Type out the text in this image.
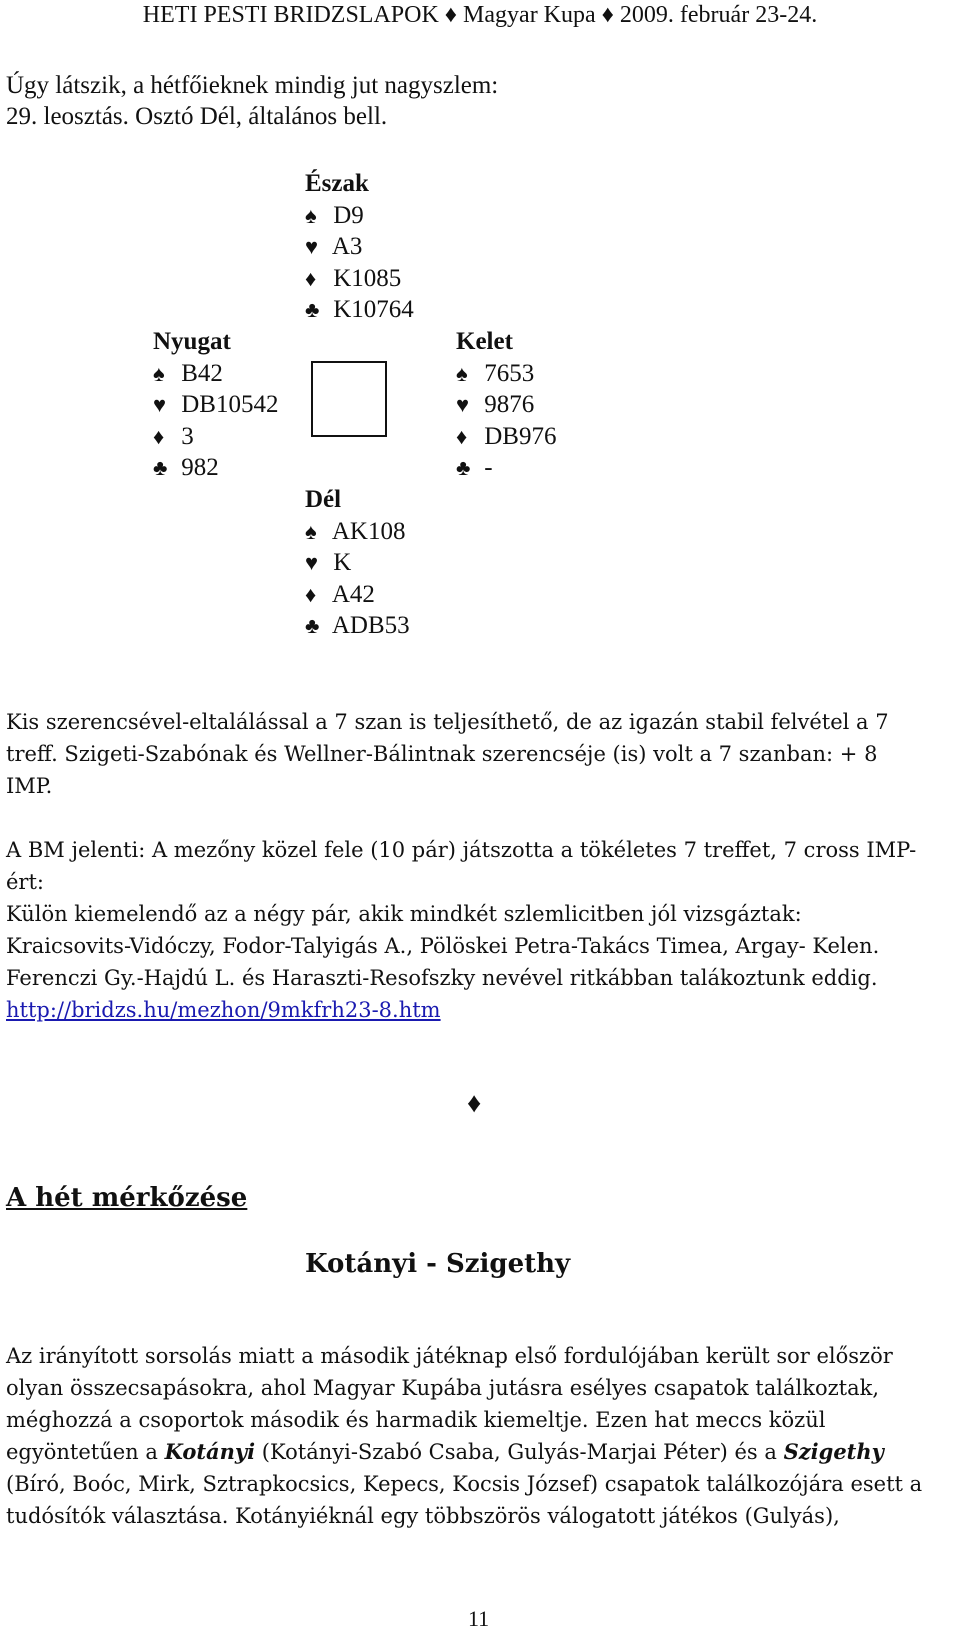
HETI PESTI BRIDZSLAPOK ♦ Magyar Kupa ♦ 2009. február 23-24.
Úgy látszik, a hétfőieknek mindig jut nagyszlem:
29. leosztás. Osztó Dél, általános bell.
Észak
♠ D9
♥ A3
♦ K1085
♣ K10764
Nyugat
♠ B42
♥ DB10542
♦ 3
♣ 982
Kelet
♠ 7653
♥ 9876
♦ DB976
♣ -
Dél
♠ AK108
♥ K
♦ A42
♣ ADB53

Kis szerencsével-eltalálással a 7 szan is teljesíthető, de az igazán stabil felvétel a 7

treff. Szigeti-Szabónak és Wellner-Bálintnak szerencséje (is) volt a 7 szanban: + 8

IMP.

A BM jelenti: A mezőny közel fele (10 pár) játszotta a tökéletes 7 treffet, 7 cross IMP-

ért:

Külön kiemelendő az a négy pár, akik mindkét szlemlicitben jól vizsgáztak:

Kraicsovits-Vidóczy, Fodor-Talyigás A., Pölöskei Petra-Takács Timea, Argay- Kelen.

Ferenczi Gy.-Hajdú L. és Haraszti-Resofszky nevével ritkábban talákoztunk eddig.

http://bridzs.hu/mezhon/9mkfrh23-8.htm

♦
A hét mérkőzése
Kotányi - Szigethy

Az irányított sorsolás miatt a második játéknap első fordulójában került sor először

olyan összecsapásokra, ahol Magyar Kupába jutásra esélyes csapatok találkoztak,

méghozzá a csoportok második és harmadik kiemeltje. Ezen hat meccs közül

egyöntetűen a Kotányi (Kotányi-Szabó Csaba, Gulyás-Marjai Péter) és a Szigethy

(Bíró, Boóc, Mirk, Sztrapkocsics, Kepecs, Kocsis József) csapatok találkozójára esett a

tudósítók választása. Kotányiéknál egy többszörös válogatott játékos (Gulyás),

11
